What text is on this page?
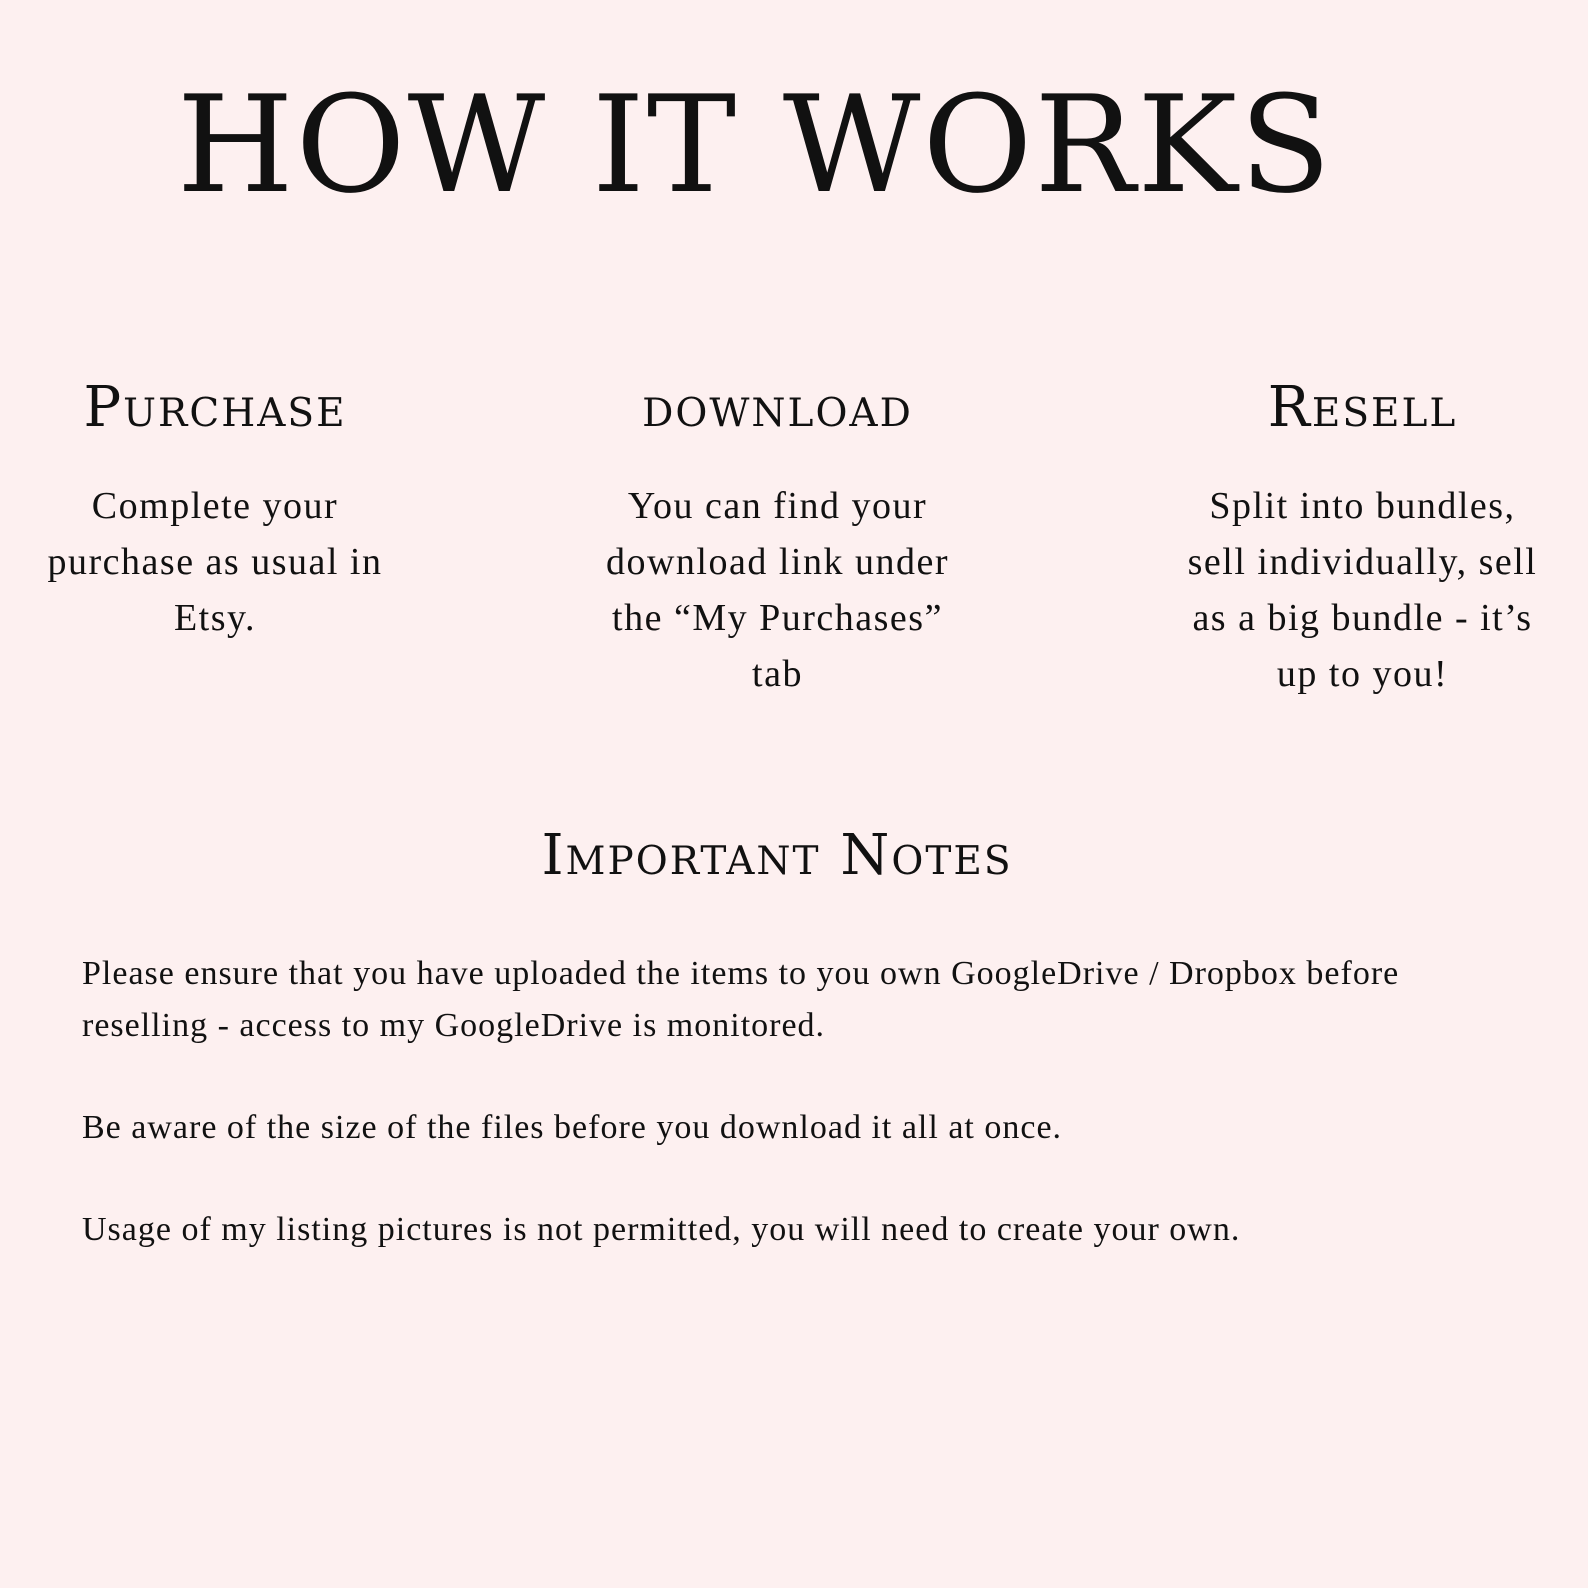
HOW IT WORKS
Purchase

Complete your purchase as usual in Etsy.

download

You can find your download link under the “My Purchases” tab

Resell

Split into bundles, sell individually, sell as a big bundle - it’s up to you!

Important Notes

Please ensure that you have uploaded the items to you own GoogleDrive / Dropbox before reselling - access to my GoogleDrive is monitored.

Be aware of the size of the files before you download it all at once.

Usage of my listing pictures is not permitted, you will need to create your own.
